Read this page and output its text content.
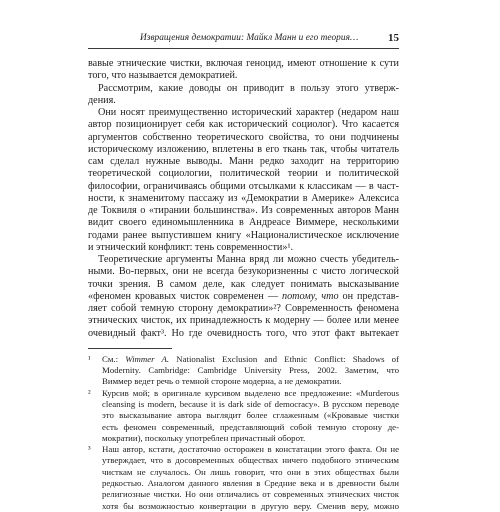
Извращения демократии: Майкл Манн и его теория…	15
вавые этнические чистки, включая геноцид, имеют отношение к сути
того, что называется демократией.
Рассмотрим, какие доводы он приводит в пользу этого утверж-
дения.
Они носят преимущественно исторический характер (недаром наш
автор позиционирует себя как исторический социолог). Что касается
аргументов собственно теоретического свойства, то они подчинены
историческому изложению, вплетены в его ткань так, чтобы читатель
сам сделал нужные выводы. Манн редко заходит на территорию
теоретической социологии, политической теории и политической
философии, ограничиваясь общими отсылками к классикам — в част-
ности, к знаменитому пассажу из «Демократии в Америке» Алексиса
де Токвиля о «тирании большинства». Из современных авторов Манн
видит своего единомышленника в Андреасе Виммере, несколькими
годами ранее выпустившем книгу «Националистическое исключение
и этнический конфликт: тень современности»¹.
Теоретические аргументы Манна вряд ли можно счесть убедитель-
ными. Во-первых, они не всегда безукоризненны с чисто логической
точки зрения. В самом деле, как следует понимать высказывание
«феномен кровавых чисток современен — потому, что он представ-
ляет собой темную сторону демократии»²? Современность феномена
этнических чисток, их принадлежность к модерну — более или менее
очевидный факт³. Но где очевидность того, что этот факт вытекает
¹ См.: Wimmer A. Nationalist Exclusion and Ethnic Conflict: Shadows of
Modernity. Cambridge: Cambridge University Press, 2002. Заметим, что
Виммер ведет речь о темной стороне модерна, а не демократии.
² Курсив мой; в оригинале курсивом выделено все предложение: «Murderous
cleansing is modern, because it is dark side of democracy». В русском переводе
это высказывание автора выглядит более сглаженным («Кровавые чистки
есть феномен современный, представляющий собой темную сторону де-
мократии), поскольку употреблен причастный оборот.
³ Наш автор, кстати, достаточно осторожен в констатации этого факта. Он не
утверждает, что в досовременных обществах ничего подобного этническим
чисткам не случалось. Он лишь говорит, что они в этих обществах были
редкостью. Аналогом данного явления в Средние века и в древности были
религиозные чистки. Но они отличались от современных этнических чисток
хотя бы возможностью конвертации в другую веру. Сменив веру, можно
